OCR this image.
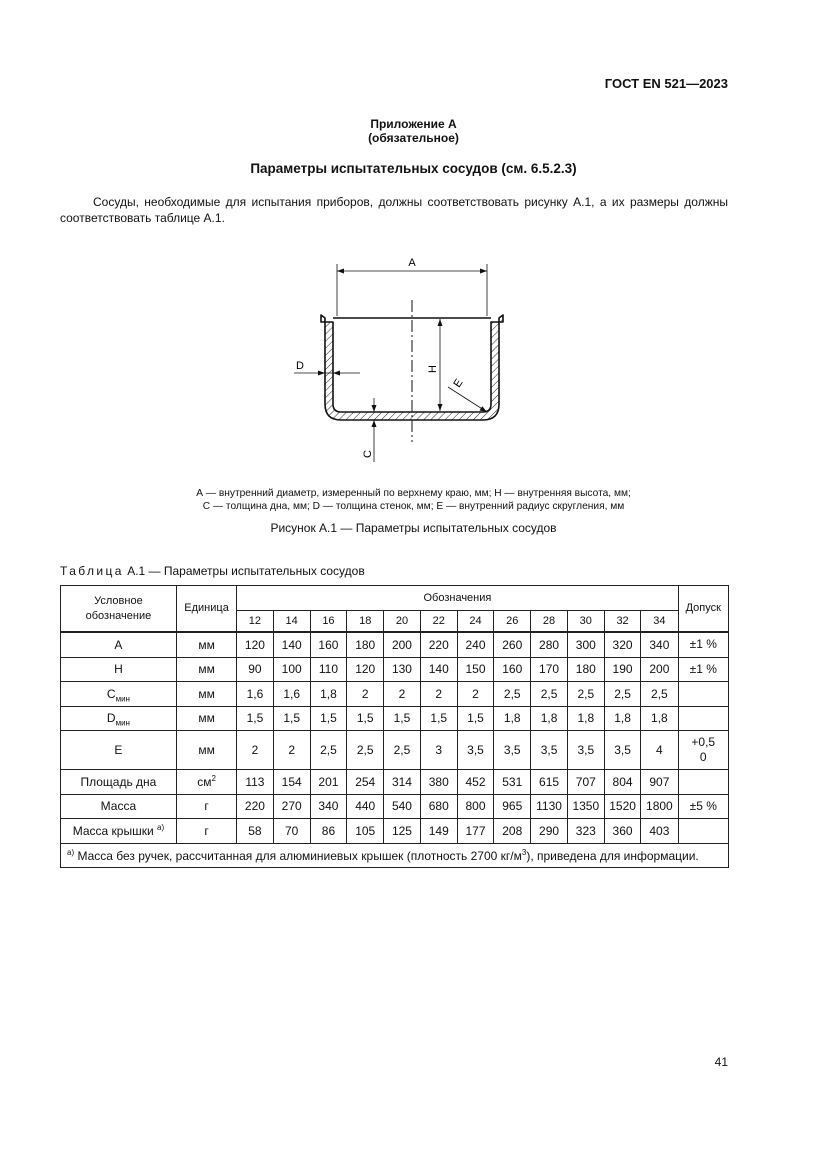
ГОСТ EN 521—2023
Приложение А
(обязательное)
Параметры испытательных сосудов (см. 6.5.2.3)
Сосуды, необходимые для испытания приборов, должны соответствовать рисунку А.1, а их размеры должны соответствовать таблице А.1.
A
H
D
E
C
А — внутренний диаметр, измеренный по верхнему краю, мм; H — внутренняя высота, мм;
С — толщина дна, мм; D — толщина стенок, мм; Е — внутренний радиус скругления, мм
Рисунок А.1 — Параметры испытательных сосудов
Таблица А.1 — Параметры испытательных сосудов
Условное
обозначение	Единица	Обозначения												Допуск
		12	14	16	18	20	22	24	26	28	30	32	34	
A	мм	120	140	160	180	200	220	240	260	280	300	320	340	±1 %

H	мм	90	100	110	120	130	140	150	160	170	180	190	200	±1 %

$C_{мин}$	мм	1,6	1,6	1,8	2	2	2	2	2,5	2,5	2,5	2,5	2,5	

$D_{мин}$	мм	1,5	1,5	1,5	1,5	1,5	1,5	1,5	1,8	1,8	1,8	1,8	1,8	

E	мм	2	2	2,5	2,5	2,5	3	3,5	3,5	3,5	3,5	3,5	4	+0,5
0

Площадь дна	$см^2$	113	154	201	254	314	380	452	531	615	707	804	907	

Масса	г	220	270	340	440	540	680	800	965	1130	1350	1520	1800	±5 %

Масса крышки $^{а)}$	г	58	70	86	105	125	149	177	208	290	323	360	403	

$^{а)}$ Масса без ручек, рассчитанная для алюминиевых крышек (плотность 2700 $кг/м^3$), приведена для информации.														
41
